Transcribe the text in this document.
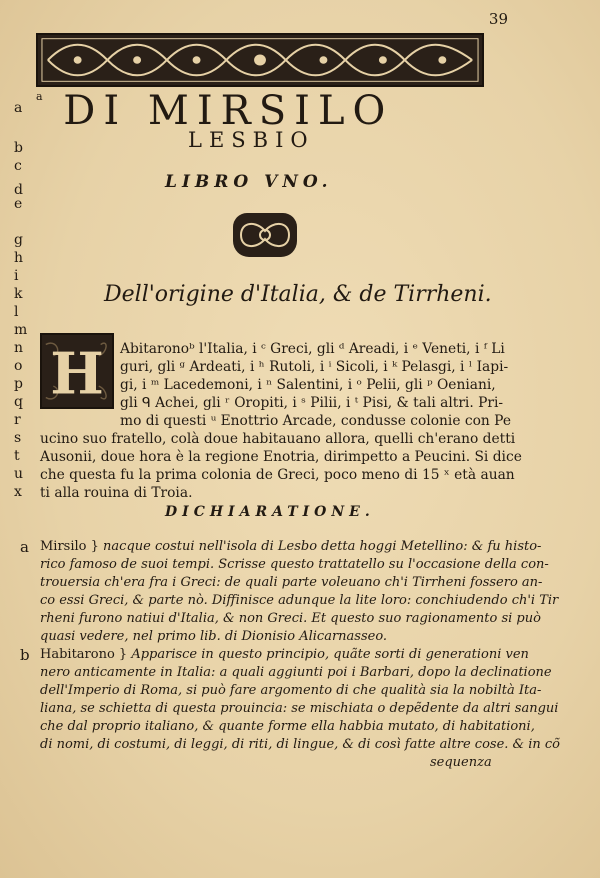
39
$^a$ DI MIRSILO
LESBIO
LIBRO VNO.
Dell'origine d'Italia, & de Tirrheni.
a
b
c
d
e
g
h
i
k
l
m
n
o
p
q
r
s
t
u
x
H Abitaronoᵇ l'Italia, i ᶜ Greci, gli ᵈ Areadi, i ᵉ Veneti, i ᶠ Li
guri, gli ᵍ Ardeati, i ʰ Rutoli, i ⁱ Sicoli, i ᵏ Pelasgi, i ˡ Iapi-
gi, i ᵐ Lacedemoni, i ⁿ Salentini, i ᵒ Pelii, gli ᵖ Oeniani,
gli ᑫ Achei, gli ʳ Oropiti, i ˢ Pilii, i ᵗ Pisi, & tali altri. Pri-
mo di questi ᵘ Enottrio Arcade, condusse colonie con Pe
ucino suo fratello, colà doue habitauano allora, quelli ch'erano detti
Ausonii, doue hora è la regione Enotria, dirimpetto a Peucini. Si dice
che questa fu la prima colonia de Greci, poco meno di 15 ˣ età auan
ti alla rouina di Troia.
DICHIARATIONE.
a Mirsilo } nacque costui nell'isola di Lesbo detta hoggi Metellino: & fu histo-
rico famoso de suoi tempi. Scrisse questo trattatello su l'occasione della con-
trouersia ch'era fra i Greci: de quali parte voleuano ch'i Tirrheni fossero an-
co essi Greci, & parte nò. Diffinisce adunque la lite loro: conchiudendo ch'i Tir
rheni furono natiui d'Italia, & non Greci. Et questo suo ragionamento si può
quasi vedere, nel primo lib. di Dionisio Alicarnasseo.
b Habitarono } Apparisce in questo principio, quãte sorti di generationi ven
nero anticamente in Italia: a quali aggiunti poi i Barbari, dopo la declinatione
dell'Imperio di Roma, si può fare argomento di che qualità sia la nobiltà Ita-
liana, se schietta di questa prouincia: se mischiata o depẽdente da altri sangui
che dal proprio italiano, & quante forme ella habbia mutato, di habitationi,
di nomi, di costumi, di leggi, di riti, di lingue, & di così fatte altre cose. & in cõ
sequenza
